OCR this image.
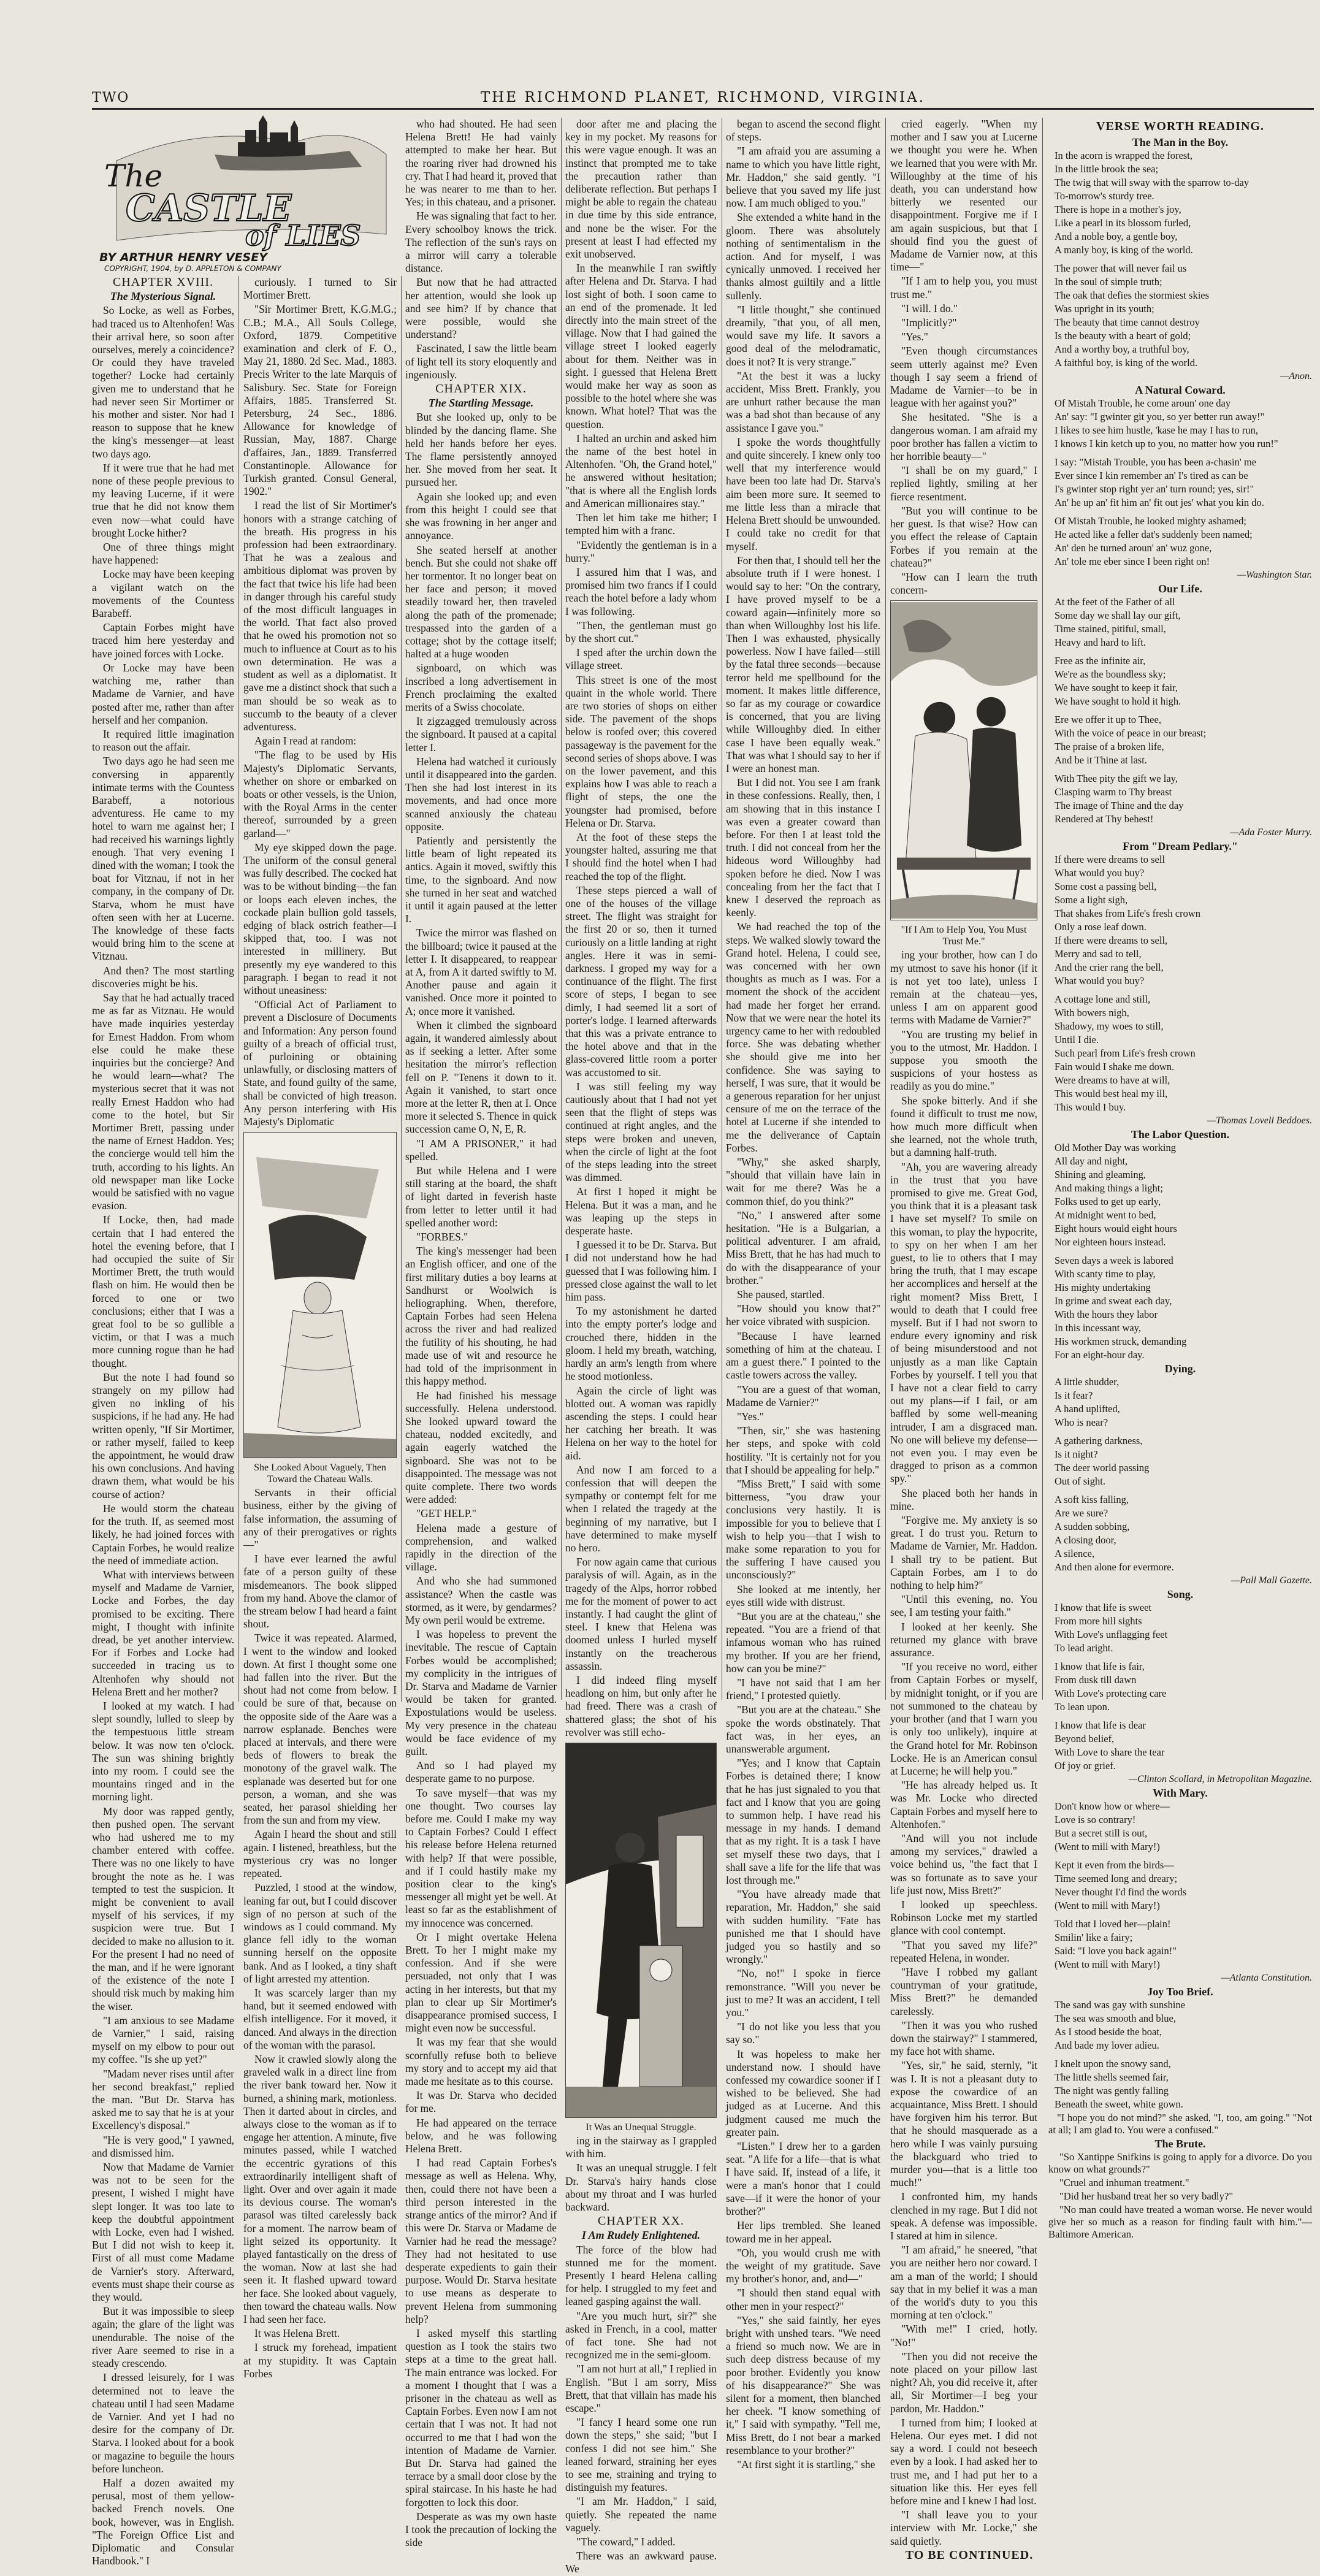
TWO	THE RICHMOND PLANET, RICHMOND, VIRGINIA.
The
CASTLE
of LIES
BY ARTHUR HENRY VESEY
COPYRIGHT, 1904, by D. APPLETON & COMPANY

CHAPTER XVIII.

The Mysterious Signal.

So Locke, as well as Forbes, had traced us to Altenhofen! Was their arrival here, so soon after ourselves, merely a coincidence? Or could they have traveled together? Locke had certainly given me to understand that he had never seen Sir Mortimer or his mother and sister. Nor had I reason to suppose that he knew the king's messenger—at least two days ago.

If it were true that he had met none of these people previous to my leaving Lucerne, if it were true that he did not know them even now—what could have brought Locke hither?

One of three things might have happened:

Locke may have been keeping a vigilant watch on the movements of the Countess Barabeff.

Captain Forbes might have traced him here yesterday and have joined forces with Locke.

Or Locke may have been watching me, rather than Madame de Varnier, and have posted after me, rather than after herself and her companion.

It required little imagination to reason out the affair.

Two days ago he had seen me conversing in apparently intimate terms with the Countess Barabeff, a notorious adventuress. He came to my hotel to warn me against her; I had received his warnings lightly enough. That very evening I dined with the woman; I took the boat for Vitznau, if not in her company, in the company of Dr. Starva, whom he must have often seen with her at Lucerne. The knowledge of these facts would bring him to the scene at Vitznau.

And then? The most startling discoveries might be his.

Say that he had actually traced me as far as Vitznau. He would have made inquiries yesterday for Ernest Haddon. From whom else could he make these inquiries but the concierge? And he would learn—what? The mysterious secret that it was not really Ernest Haddon who had come to the hotel, but Sir Mortimer Brett, passing under the name of Ernest Haddon. Yes; the concierge would tell him the truth, according to his lights. An old newspaper man like Locke would be satisfied with no vague evasion.

If Locke, then, had made certain that I had entered the hotel the evening before, that I had occupied the suite of Sir Mortimer Brett, the truth would flash on him. He would then be forced to one or two conclusions; either that I was a great fool to be so gullible a victim, or that I was a much more cunning rogue than he had thought.

But the note I had found so strangely on my pillow had given no inkling of his suspicions, if he had any. He had written openly, "If Sir Mortimer, or rather myself, failed to keep the appointment, he would draw his own conclusions. And having drawn them, what would be his course of action?

He would storm the chateau for the truth. If, as seemed most likely, he had joined forces with Captain Forbes, he would realize the need of immediate action.

What with interviews between myself and Madame de Varnier, Locke and Forbes, the day promised to be exciting. There might, I thought with infinite dread, be yet another interview. For if Forbes and Locke had succeeded in tracing us to Altenhofen why should not Helena Brett and her mother?

I looked at my watch. I had slept soundly, lulled to sleep by the tempestuous little stream below. It was now ten o'clock. The sun was shining brightly into my room. I could see the mountains ringed and in the morning light.

My door was rapped gently, then pushed open. The servant who had ushered me to my chamber entered with coffee. There was no one likely to have brought the note as he. I was tempted to test the suspicion. It might be convenient to avail myself of his services, if my suspicion were true. But I decided to make no allusion to it. For the present I had no need of the man, and if he were ignorant of the existence of the note I should risk much by making him the wiser.

"I am anxious to see Madame de Varnier," I said, raising myself on my elbow to pour out my coffee. "Is she up yet?"

"Madam never rises until after her second breakfast," replied the man. "But Dr. Starva has asked me to say that he is at your Excellency's disposal."

"He is very good," I yawned, and dismissed him.

Now that Madame de Varnier was not to be seen for the present, I wished I might have slept longer. It was too late to keep the doubtful appointment with Locke, even had I wished. But I did not wish to keep it. First of all must come Madame de Varnier's story. Afterward, events must shape their course as they would.

But it was impossible to sleep again; the glare of the light was unendurable. The noise of the river Aare seemed to rise in a steady crescendo.

I dressed leisurely, for I was determined not to leave the chateau until I had seen Madame de Varnier. And yet I had no desire for the company of Dr. Starva. I looked about for a book or magazine to beguile the hours before luncheon.

Half a dozen awaited my perusal, most of them yellow-backed French novels. One book, however, was in English. "The Foreign Office List and Diplomatic and Consular Handbook." I

curiously. I turned to Sir Mortimer Brett.

"Sir Mortimer Brett, K.G.M.G.; C.B.; M.A., All Souls College, Oxford, 1879. Competitive examination and clerk of F. O., May 21, 1880. 2d Sec. Mad., 1883. Precis Writer to the late Marquis of Salisbury. Sec. State for Foreign Affairs, 1885. Transferred St. Petersburg, 24 Sec., 1886. Allowance for knowledge of Russian, May, 1887. Charge d'affaires, Jan., 1889. Transferred Constantinople. Allowance for Turkish granted. Consul General, 1902."

I read the list of Sir Mortimer's honors with a strange catching of the breath. His progress in his profession had been extraordinary. That he was a zealous and ambitious diplomat was proven by the fact that twice his life had been in danger through his careful study of the most difficult languages in the world. That fact also proved that he owed his promotion not so much to influence at Court as to his own determination. He was a student as well as a diplomatist. It gave me a distinct shock that such a man should be so weak as to succumb to the beauty of a clever adventuress.

Again I read at random:

"The flag to be used by His Majesty's Diplomatic Servants, whether on shore or embarked on boats or other vessels, is the Union, with the Royal Arms in the center thereof, surrounded by a green garland—"

My eye skipped down the page. The uniform of the consul general was fully described. The cocked hat was to be without binding—the fan or loops each eleven inches, the cockade plain bullion gold tassels, edging of black ostrich feather—I skipped that, too. I was not interested in millinery. But presently my eye wandered to this paragraph. I began to read it not without uneasiness:

"Official Act of Parliament to prevent a Disclosure of Documents and Information: Any person found guilty of a breach of official trust, of purloining or obtaining unlawfully, or disclosing matters of State, and found guilty of the same, shall be convicted of high treason. Any person interfering with His Majesty's Diplomatic

She Looked About Vaguely, Then Toward the Chateau Walls.

Servants in their official business, either by the giving of false information, the assuming of any of their prerogatives or rights—"

I have ever learned the awful fate of a person guilty of these misdemeanors. The book slipped from my hand. Above the clamor of the stream below I had heard a faint shout.

Twice it was repeated. Alarmed, I went to the window and looked down. At first I thought some one had fallen into the river. But the shout had not come from below. I could be sure of that, because on the opposite side of the Aare was a narrow esplanade. Benches were placed at intervals, and there were beds of flowers to break the monotony of the gravel walk. The esplanade was deserted but for one person, a woman, and she was seated, her parasol shielding her from the sun and from my view.

Again I heard the shout and still again. I listened, breathless, but the mysterious cry was no longer repeated.

Puzzled, I stood at the window, leaning far out, but I could discover sign of no person at such of the windows as I could command. My glance fell idly to the woman sunning herself on the opposite bank. And as I looked, a tiny shaft of light arrested my attention.

It was scarcely larger than my hand, but it seemed endowed with elfish intelligence. For it moved, it danced. And always in the direction of the woman with the parasol.

Now it crawled slowly along the graveled walk in a direct line from the river bank toward her. Now it burned, a shining mark, motionless. Then it darted about in circles, and always close to the woman as if to engage her attention. A minute, five minutes passed, while I watched the eccentric gyrations of this extraordinarily intelligent shaft of light. Over and over again it made its devious course. The woman's parasol was tilted carelessly back for a moment. The narrow beam of light seized its opportunity. It played fantastically on the dress of the woman. Now at last she had seen it. It flashed upward toward her face. She looked about vaguely, then toward the chateau walls. Now I had seen her face.

It was Helena Brett.

I struck my forehead, impatient at my stupidity. It was Captain Forbes

who had shouted. He had seen Helena Brett! He had vainly attempted to make her hear. But the roaring river had drowned his cry. That I had heard it, proved that he was nearer to me than to her. Yes; in this chateau, and a prisoner.

He was signaling that fact to her. Every schoolboy knows the trick. The reflection of the sun's rays on a mirror will carry a tolerable distance.

But now that he had attracted her attention, would she look up and see him? If by chance that were possible, would she understand?

Fascinated, I saw the little beam of light tell its story eloquently and ingeniously.

CHAPTER XIX.

The Startling Message.

But she looked up, only to be blinded by the dancing flame. She held her hands before her eyes. The flame persistently annoyed her. She moved from her seat. It pursued her.

Again she looked up; and even from this height I could see that she was frowning in her anger and annoyance.

She seated herself at another bench. But she could not shake off her tormentor. It no longer beat on her face and person; it moved steadily toward her, then traveled along the path of the promenade; trespassed into the garden of a cottage; shot by the cottage itself; halted at a huge wooden

signboard, on which was inscribed a long advertisement in French proclaiming the exalted merits of a Swiss chocolate.

It zigzagged tremulously across the signboard. It paused at a capital letter I.

Helena had watched it curiously until it disappeared into the garden. Then she had lost interest in its movements, and had once more scanned anxiously the chateau opposite.

Patiently and persistently the little beam of light repeated its antics. Again it moved, swiftly this time, to the signboard. And now she turned in her seat and watched it until it again paused at the letter I.

Twice the mirror was flashed on the billboard; twice it paused at the letter I. It disappeared, to reappear at A, from A it darted swiftly to M. Another pause and again it vanished. Once more it pointed to A; once more it vanished.

When it climbed the signboard again, it wandered aimlessly about as if seeking a letter. After some hesitation the mirror's reflection fell on P. "Tenens it down to it. Again it vanished, to start once more at the letter R, then at I. Once more it selected S. Thence in quick succession came O, N, E, R.

"I AM A PRISONER," it had spelled.

But while Helena and I were still staring at the board, the shaft of light darted in feverish haste from letter to letter until it had spelled another word:

"FORBES."

The king's messenger had been an English officer, and one of the first military duties a boy learns at Sandhurst or Woolwich is heliographing. When, therefore, Captain Forbes had seen Helena across the river and had realized the futility of his shouting, he had made use of wit and resource he had told of the imprisonment in this happy method.

He had finished his message successfully. Helena understood. She looked upward toward the chateau, nodded excitedly, and again eagerly watched the signboard. She was not to be disappointed. The message was not quite complete. There two words were added:

"GET HELP."

Helena made a gesture of comprehension, and walked rapidly in the direction of the village.

And who she had summoned assistance? When the castle was stormed, as it were, by gendarmes? My own peril would be extreme.

I was hopeless to prevent the inevitable. The rescue of Captain Forbes would be accomplished; my complicity in the intrigues of Dr. Starva and Madame de Varnier would be taken for granted. Expostulations would be useless. My very presence in the chateau would be face evidence of my guilt.

And so I had played my desperate game to no purpose.

To save myself—that was my one thought. Two courses lay before me. Could I make my way to Captain Forbes? Could I effect his release before Helena returned with help? If that were possible, and if I could hastily make my position clear to the king's messenger all might yet be well. At least so far as the establishment of my innocence was concerned.

Or I might overtake Helena Brett. To her I might make my confession. And if she were persuaded, not only that I was acting in her interests, but that my plan to clear up Sir Mortimer's disappearance promised success, I might even now be successful.

It was my fear that she would scornfully refuse both to believe my story and to accept my aid that made me hesitate as to this course.

It was Dr. Starva who decided for me.

He had appeared on the terrace below, and he was following Helena Brett.

I had read Captain Forbes's message as well as Helena. Why, then, could there not have been a third person interested in the strange antics of the mirror? And if this were Dr. Starva or Madame de Varnier had he read the message? They had not hesitated to use desperate expedients to gain their purpose. Would Dr. Starva hesitate to use means as desperate to prevent Helena from summoning help?

I asked myself this startling question as I took the stairs two steps at a time to the great hall. The main entrance was locked. For a moment I thought that I was a prisoner in the chateau as well as Captain Forbes. Even now I am not certain that I was not. It had not occurred to me that I had won the intention of Madame de Varnier. But Dr. Starva had gained the terrace by a small door close by the spiral staircase. In his haste he had forgotten to lock this door.

Desperate as was my own haste I took the precaution of locking the side

door after me and placing the key in my pocket. My reasons for this were vague enough. It was an instinct that prompted me to take the precaution rather than deliberate reflection. But perhaps I might be able to regain the chateau in due time by this side entrance, and none be the wiser. For the present at least I had effected my exit unobserved.

In the meanwhile I ran swiftly after Helena and Dr. Starva. I had lost sight of both. I soon came to an end of the promenade. It led directly into the main street of the village. Now that I had gained the village street I looked eagerly about for them. Neither was in sight. I guessed that Helena Brett would make her way as soon as possible to the hotel where she was known. What hotel? That was the question.

I halted an urchin and asked him the name of the best hotel in Altenhofen. "Oh, the Grand hotel," he answered without hesitation; "that is where all the English lords and American millionaires stay."

Then let him take me hither; I tempted him with a franc.

"Evidently the gentleman is in a hurry."

I assured him that I was, and promised him two francs if I could reach the hotel before a lady whom I was following.

"Then, the gentleman must go by the short cut."

I sped after the urchin down the village street.

This street is one of the most quaint in the whole world. There are two stories of shops on either side. The pavement of the shops below is roofed over; this covered passageway is the pavement for the second series of shops above. I was on the lower pavement, and this explains how I was able to reach a flight of steps, the one the youngster had promised, before Helena or Dr. Starva.

At the foot of these steps the youngster halted, assuring me that I should find the hotel when I had reached the top of the flight.

These steps pierced a wall of one of the houses of the village street. The flight was straight for the first 20 or so, then it turned curiously on a little landing at right angles. Here it was in semi-darkness. I groped my way for a continuance of the flight. The first score of steps, I began to see dimly, I had seemed lit a sort of porter's lodge. I learned afterwards that this was a private entrance to the hotel above and that in the glass-covered little room a porter was accustomed to sit.

I was still feeling my way cautiously about that I had not yet seen that the flight of steps was continued at right angles, and the steps were broken and uneven, when the circle of light at the foot of the steps leading into the street was dimmed.

At first I hoped it might be Helena. But it was a man, and he was leaping up the steps in desperate haste.

I guessed it to be Dr. Starva. But I did not understand how he had guessed that I was following him. I pressed close against the wall to let him pass.

To my astonishment he darted into the empty porter's lodge and crouched there, hidden in the gloom. I held my breath, watching, hardly an arm's length from where he stood motionless.

Again the circle of light was blotted out. A woman was rapidly ascending the steps. I could hear her catching her breath. It was Helena on her way to the hotel for aid.

And now I am forced to a confession that will deepen the sympathy or contempt felt for me when I related the tragedy at the beginning of my narrative, but I have determined to make myself no hero.

For now again came that curious paralysis of will. Again, as in the tragedy of the Alps, horror robbed me for the moment of power to act instantly. I had caught the glint of steel. I knew that Helena was doomed unless I hurled myself instantly on the treacherous assassin.

I did indeed fling myself headlong on him, but only after he had freed. There was a crash of shattered glass; the shot of his revolver was still echo-

It Was an Unequal Struggle.

ing in the stairway as I grappled with him.

It was an unequal struggle. I felt Dr. Starva's hairy hands close about my throat and I was hurled backward.

CHAPTER XX.

I Am Rudely Enlightened.

The force of the blow had stunned me for the moment. Presently I heard Helena calling for help. I struggled to my feet and leaned gasping against the wall.

"Are you much hurt, sir?" she asked in French, in a cool, matter of fact tone. She had not recognized me in the semi-gloom.

"I am not hurt at all," I replied in English. "But I am sorry, Miss Brett, that that villain has made his escape."

"I fancy I heard some one run down the steps," she said; "but I confess I did not see him." She leaned forward, straining her eyes to see me, straining and trying to distinguish my features.

"I am Mr. Haddon," I said, quietly. She repeated the name vaguely.

"The coward," I added.

There was an awkward pause. We

began to ascend the second flight of steps.

"I am afraid you are assuming a name to which you have little right, Mr. Haddon," she said gently. "I believe that you saved my life just now. I am much obliged to you."

She extended a white hand in the gloom. There was absolutely nothing of sentimentalism in the action. And for myself, I was cynically unmoved. I received her thanks almost guiltily and a little sullenly.

"I little thought," she continued dreamily, "that you, of all men, would save my life. It savors a good deal of the melodramatic, does it not? It is very strange."

"At the best it was a lucky accident, Miss Brett. Frankly, you are unhurt rather because the man was a bad shot than because of any assistance I gave you."

I spoke the words thoughtfully and quite sincerely. I knew only too well that my interference would have been too late had Dr. Starva's aim been more sure. It seemed to me little less than a miracle that Helena Brett should be unwounded. I could take no credit for that myself.

For then that, I should tell her the absolute truth if I were honest. I would say to her: "On the contrary, I have proved myself to be a coward again—infinitely more so than when Willoughby lost his life. Then I was exhausted, physically powerless. Now I have failed—still by the fatal three seconds—because terror held me spellbound for the moment. It makes little difference, so far as my courage or cowardice is concerned, that you are living while Willoughby died. In either case I have been equally weak." That was what I should say to her if I were an honest man.

But I did not. You see I am frank in these confessions. Really, then, I am showing that in this instance I was even a greater coward than before. For then I at least told the truth. I did not conceal from her the hideous word Willoughby had spoken before he died. Now I was concealing from her the fact that I knew I deserved the reproach as keenly.

We had reached the top of the steps. We walked slowly toward the Grand hotel. Helena, I could see, was concerned with her own thoughts as much as I was. For a moment the shock of the accident had made her forget her errand. Now that we were near the hotel its urgency came to her with redoubled force. She was debating whether she should give me into her confidence. She was saying to herself, I was sure, that it would be a generous reparation for her unjust censure of me on the terrace of the hotel at Lucerne if she intended to me the deliverance of Captain Forbes.

"Why," she asked sharply, "should that villain have lain in wait for me there? Was he a common thief, do you think?"

"No," I answered after some hesitation. "He is a Bulgarian, a political adventurer. I am afraid, Miss Brett, that he has had much to do with the disappearance of your brother."

She paused, startled.

"How should you know that?" her voice vibrated with suspicion.

"Because I have learned something of him at the chateau. I am a guest there." I pointed to the castle towers across the valley.

"You are a guest of that woman, Madame de Varnier?"

"Yes."

"Then, sir," she was hastening her steps, and spoke with cold hostility. "It is certainly not for you that I should be appealing for help."

"Miss Brett," I said with some bitterness, "you draw your conclusions very hastily. It is impossible for you to believe that I wish to help you—that I wish to make some reparation to you for the suffering I have caused you unconsciously?"

She looked at me intently, her eyes still wide with distrust.

"But you are at the chateau," she repeated. "You are a friend of that infamous woman who has ruined my brother. If you are her friend, how can you be mine?"

"I have not said that I am her friend," I protested quietly.

"But you are at the chateau." She spoke the words obstinately. That fact was, in her eyes, an unanswerable argument.

"Yes; and I know that Captain Forbes is detained there; I know that he has just signaled to you that fact and I know that you are going to summon help. I have read his message in my hands. I demand that as my right. It is a task I have set myself these two days, that I shall save a life for the life that was lost through me."

"You have already made that reparation, Mr. Haddon," she said with sudden humility. "Fate has punished me that I should have judged you so hastily and so wrongly."

"No, no!" I spoke in fierce remonstrance. "Will you never be just to me? It was an accident, I tell you."

"I do not like you less that you say so."

It was hopeless to make her understand now. I should have confessed my cowardice sooner if I wished to be believed. She had judged as at Lucerne. And this judgment caused me much the greater pain.

"Listen." I drew her to a garden seat. "A life for a life—that is what I have said. If, instead of a life, it were a man's honor that I could save—if it were the honor of your brother?"

Her lips trembled. She leaned toward me in her appeal.

"Oh, you would crush me with the weight of my gratitude. Save my brother's honor, and, and—"

"I should then stand equal with other men in your respect?"

"Yes," she said faintly, her eyes bright with unshed tears. "We need a friend so much now. We are in such deep distress because of my poor brother. Evidently you know of his disappearance?" She was silent for a moment, then blanched her cheek. "I know something of it," I said with sympathy. "Tell me, Miss Brett, do I not bear a marked resemblance to your brother?"

"At first sight it is startling," she

cried eagerly. "When my mother and I saw you at Lucerne we thought you were he. When we learned that you were with Mr. Willoughby at the time of his death, you can understand how bitterly we resented our disappointment. Forgive me if I am again suspicious, but that I should find you the guest of Madame de Varnier now, at this time—"

"If I am to help you, you must trust me."

"I will. I do."

"Implicitly?"

"Yes."

"Even though circumstances seem utterly against me? Even though I say seem a friend of Madame de Varnier—to be in league with her against you?"

She hesitated. "She is a dangerous woman. I am afraid my poor brother has fallen a victim to her horrible beauty—"

"I shall be on my guard," I replied lightly, smiling at her fierce resentment.

"But you will continue to be her guest. Is that wise? How can you effect the release of Captain Forbes if you remain at the chateau?"

"How can I learn the truth concern-

"If I Am to Help You, You Must Trust Me."

ing your brother, how can I do my utmost to save his honor (if it is not yet too late), unless I remain at the chateau—yes, unless I am on apparent good terms with Madame de Varnier?"

"You are trusting my belief in you to the utmost, Mr. Haddon. I suppose you smooth the suspicions of your hostess as readily as you do mine."

She spoke bitterly. And if she found it difficult to trust me now, how much more difficult when she learned, not the whole truth, but a damning half-truth.

"Ah, you are wavering already in the trust that you have promised to give me. Great God, you think that it is a pleasant task I have set myself? To smile on this woman, to play the hypocrite, to spy on her when I am her guest, to lie to others that I may bring the truth, that I may escape her accomplices and herself at the right moment? Miss Brett, I would to death that I could free myself. But if I had not sworn to endure every ignominy and risk of being misunderstood and not unjustly as a man like Captain Forbes by yourself. I tell you that I have not a clear field to carry out my plans—if I fail, or am baffled by some well-meaning intruder, I am a disgraced man. No one will believe my defense—not even you. I may even be dragged to prison as a common spy."

She placed both her hands in mine.

"Forgive me. My anxiety is so great. I do trust you. Return to Madame de Varnier, Mr. Haddon. I shall try to be patient. But Captain Forbes, am I to do nothing to help him?"

"Until this evening, no. You see, I am testing your faith."

I looked at her keenly. She returned my glance with brave assurance.

"If you receive no word, either from Captain Forbes or myself, by midnight tonight, or if you are not summoned to the chateau by your brother (and that I warn you is only too unlikely), inquire at the Grand hotel for Mr. Robinson Locke. He is an American consul at Lucerne; he will help you."

"He has already helped us. It was Mr. Locke who directed Captain Forbes and myself here to Altenhofen."

"And will you not include among my services," drawled a voice behind us, "the fact that I was so fortunate as to save your life just now, Miss Brett?"

I looked up speechless. Robinson Locke met my startled glance with cool contempt.

"That you saved my life?" repeated Helena, in wonder.

"Have I robbed my gallant countryman of your gratitude, Miss Brett?" he demanded carelessly.

"Then it was you who rushed down the stairway?" I stammered, my face hot with shame.

"Yes, sir," he said, sternly, "it was I. It is not a pleasant duty to expose the cowardice of an acquaintance, Miss Brett. I should have forgiven him his terror. But that he should masquerade as a hero while I was vainly pursuing the blackguard who tried to murder you—that is a little too much!"

I confronted him, my hands clenched in my rage. But I did not speak. A defense was impossible. I stared at him in silence.

"I am afraid," he sneered, "that you are neither hero nor coward. I am a man of the world; I should say that in my belief it was a man of the world's duty to you this morning at ten o'clock."

"With me!" I cried, hotly. "No!"

"Then you did not receive the note placed on your pillow last night? Ah, you did receive it, after all, Sir Mortimer—I beg your pardon, Mr. Haddon."

I turned from him; I looked at Helena. Our eyes met. I did not say a word. I could not beseech even by a look. I had asked her to trust me, and I had put her to a situation like this. Her eyes fell before mine and I knew I had lost.

"I shall leave you to your interview with Mr. Locke," she said quietly.

TO BE CONTINUED.

VERSE WORTH READING.

The Man in the Boy.

In the acorn is wrapped the forest,
In the little brook the sea;
The twig that will sway with the sparrow to-day
To-morrow's sturdy tree.
There is hope in a mother's joy,
Like a pearl in its blossom furled,
And a noble boy, a gentle boy,
A manly boy, is king of the world.

The power that will never fail us
In the soul of simple truth;
The oak that defies the stormiest skies
Was upright in its youth;
The beauty that time cannot destroy
Is the beauty with a heart of gold;
And a worthy boy, a truthful boy,
A faithful boy, is king of the world.

—Anon.

A Natural Coward.

Of Mistah Trouble, he come aroun' one day
An' say: "I gwinter git you, so yer better run away!"
I likes to see him hustle, 'kase he may I has to run,
I knows I kin ketch up to you, no matter how you run!"

I say: "Mistah Trouble, you has been a-chasin' me
Ever since I kin remember an' I's tired as can be
I's gwinter stop right yer an' turn round; yes, sir!"
An' he up an' fit him an' fit out jes' what you kin do.

Of Mistah Trouble, he looked mighty ashamed;
He acted like a feller dat's suddenly been named;
An' den he turned aroun' an' wuz gone,
An' tole me eber since I been right on!

—Washington Star.

Our Life.

At the feet of the Father of all
Some day we shall lay our gift,
Time stained, pitiful, small,
Heavy and hard to lift.

Free as the infinite air,
We're as the boundless sky;
We have sought to keep it fair,
We have sought to hold it high.

Ere we offer it up to Thee,
With the voice of peace in our breast;
The praise of a broken life,
And be it Thine at last.

With Thee pity the gift we lay,
Clasping warm to Thy breast
The image of Thine and the day
Rendered at Thy behest!

—Ada Foster Murry.

From "Dream Pedlary."

If there were dreams to sell
What would you buy?
Some cost a passing bell,
Some a light sigh,
That shakes from Life's fresh crown
Only a rose leaf down.
If there were dreams to sell,
Merry and sad to tell,
And the crier rang the bell,
What would you buy?

A cottage lone and still,
With bowers nigh,
Shadowy, my woes to still,
Until I die.
Such pearl from Life's fresh crown
Fain would I shake me down.
Were dreams to have at will,
This would best heal my ill,
This would I buy.

—Thomas Lovell Beddoes.

The Labor Question.

Old Mother Day was working
All day and night,
Shining and gleaming,
And making things a light;
Folks used to get up early,
At midnight went to bed,
Eight hours would eight hours
Nor eighteen hours instead.

Seven days a week is labored
With scanty time to play,
His mighty undertaking
In grime and sweat each day,
With the hours they labor
In this incessant way,
His workmen struck, demanding
For an eight-hour day.

Dying.

A little shudder,
Is it fear?
A hand uplifted,
Who is near?

A gathering darkness,
Is it night?
The deer world passing
Out of sight.

A soft kiss falling,
Are we sure?
A sudden sobbing,
A closing door,
A silence,
And then alone for evermore.

—Pall Mall Gazette.

Song.

I know that life is sweet
From more hill sights
With Love's unflagging feet
To lead aright.

I know that life is fair,
From dusk till dawn
With Love's protecting care
To lean upon.

I know that life is dear
Beyond belief,
With Love to share the tear
Of joy or grief.

—Clinton Scollard, in Metropolitan Magazine.

With Mary.

Don't know how or where—
Love is so contrary!
But a secret still is out,
(Went to mill with Mary!)

Kept it even from the birds—
Time seemed long and dreary;
Never thought I'd find the words
(Went to mill with Mary!)

Told that I loved her—plain!
Smilin' like a fairy;
Said: "I love you back again!"
(Went to mill with Mary!)

—Atlanta Constitution.

Joy Too Brief.

The sand was gay with sunshine
The sea was smooth and blue,
As I stood beside the boat,
And bade my lover adieu.

I knelt upon the snowy sand,
The little shells seemed fair,
The night was gently falling
Beneath the sweet, white gown.

"I hope you do not mind?" she asked, "I, too, am going." "Not at all; I am glad to. You were a confused."

The Brute.

"So Xantippe Snifkins is going to apply for a divorce. Do you know on what grounds?"

"Cruel and inhuman treatment."

"Did her husband treat her so very badly?"

"No man could have treated a woman worse. He never would give her so much as a reason for finding fault with him."—Baltimore American.
